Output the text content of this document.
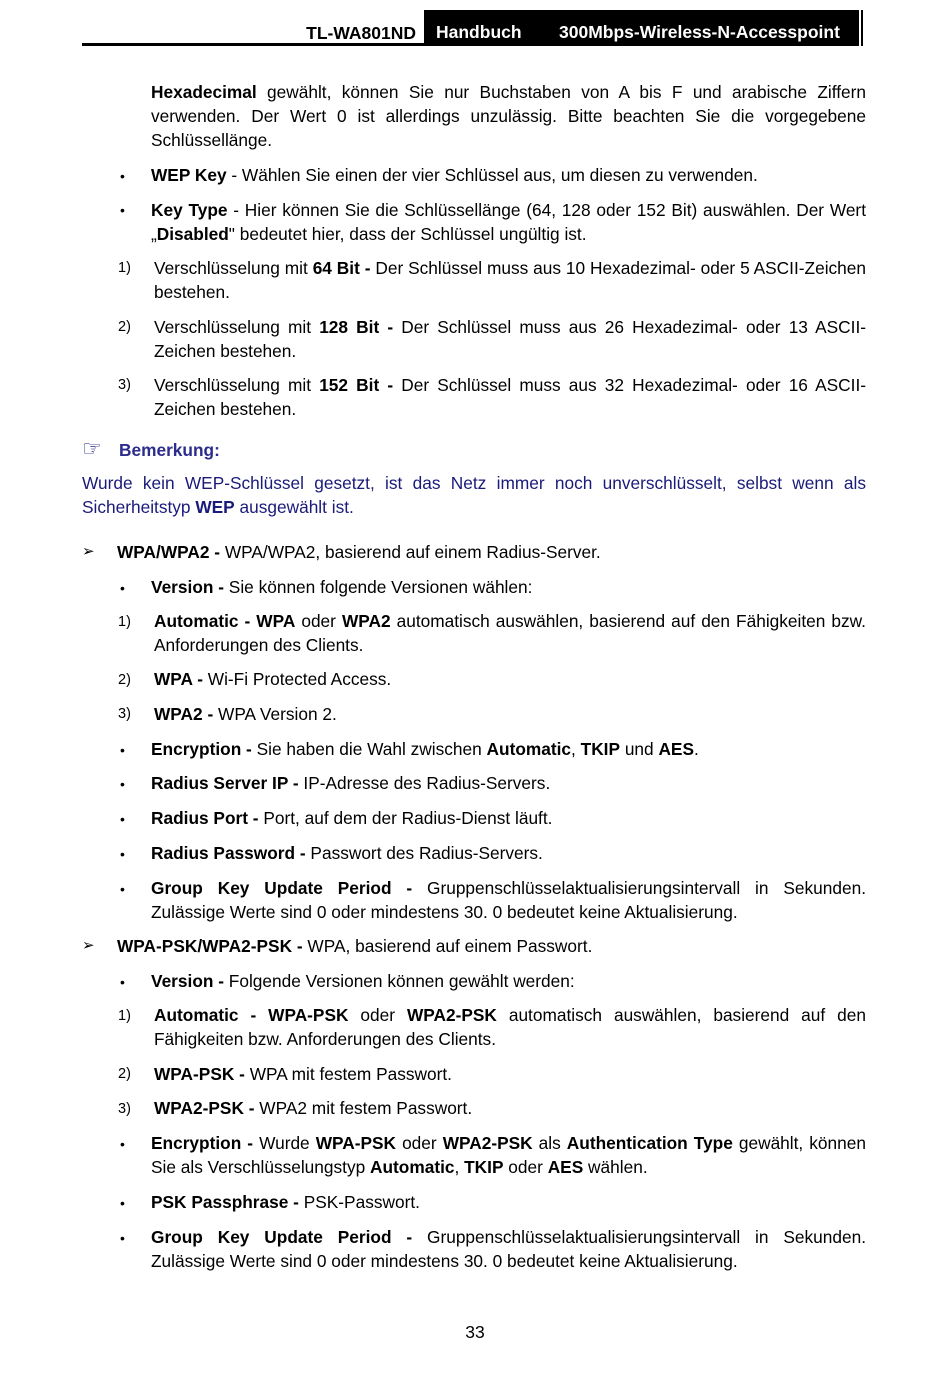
TL-WA801ND	Handbuch 300Mbps-Wireless-N-Accesspoint

Hexadecimal gewählt, können Sie nur Buchstaben von A bis F und arabische Ziffern verwenden. Der Wert 0 ist allerdings unzulässig. Bitte beachten Sie die vorgegebene Schlüssellänge.

• WEP Key - Wählen Sie einen der vier Schlüssel aus, um diesen zu verwenden.

• Key Type - Hier können Sie die Schlüssellänge (64, 128 oder 152 Bit) auswählen. Der Wert „Disabled" bedeutet hier, dass der Schlüssel ungültig ist.

1) Verschlüsselung mit 64 Bit - Der Schlüssel muss aus 10 Hexadezimal- oder 5 ASCII-Zeichen bestehen.

2) Verschlüsselung mit 128 Bit - Der Schlüssel muss aus 26 Hexadezimal- oder 13 ASCII-Zeichen bestehen.

3) Verschlüsselung mit 152 Bit - Der Schlüssel muss aus 32 Hexadezimal- oder 16 ASCII-Zeichen bestehen.

☞ Bemerkung:

Wurde kein WEP-Schlüssel gesetzt, ist das Netz immer noch unverschlüsselt, selbst wenn als Sicherheitstyp WEP ausgewählt ist.

➢ WPA/WPA2 - WPA/WPA2, basierend auf einem Radius-Server.

• Version - Sie können folgende Versionen wählen:

1) Automatic - WPA oder WPA2 automatisch auswählen, basierend auf den Fähigkeiten bzw. Anforderungen des Clients.

2) WPA - Wi-Fi Protected Access.

3) WPA2 - WPA Version 2.

• Encryption - Sie haben die Wahl zwischen Automatic, TKIP und AES.

• Radius Server IP - IP-Adresse des Radius-Servers.

• Radius Port - Port, auf dem der Radius-Dienst läuft.

• Radius Password - Passwort des Radius-Servers.

• Group Key Update Period - Gruppenschlüsselaktualisierungsintervall in Sekunden. Zulässige Werte sind 0 oder mindestens 30. 0 bedeutet keine Aktualisierung.

➢ WPA-PSK/WPA2-PSK - WPA, basierend auf einem Passwort.

• Version - Folgende Versionen können gewählt werden:

1) Automatic - WPA-PSK oder WPA2-PSK automatisch auswählen, basierend auf den Fähigkeiten bzw. Anforderungen des Clients.

2) WPA-PSK - WPA mit festem Passwort.

3) WPA2-PSK - WPA2 mit festem Passwort.

• Encryption - Wurde WPA-PSK oder WPA2-PSK als Authentication Type gewählt, können Sie als Verschlüsselungstyp Automatic, TKIP oder AES wählen.

• PSK Passphrase - PSK-Passwort.

• Group Key Update Period - Gruppenschlüsselaktualisierungsintervall in Sekunden. Zulässige Werte sind 0 oder mindestens 30. 0 bedeutet keine Aktualisierung.

33
